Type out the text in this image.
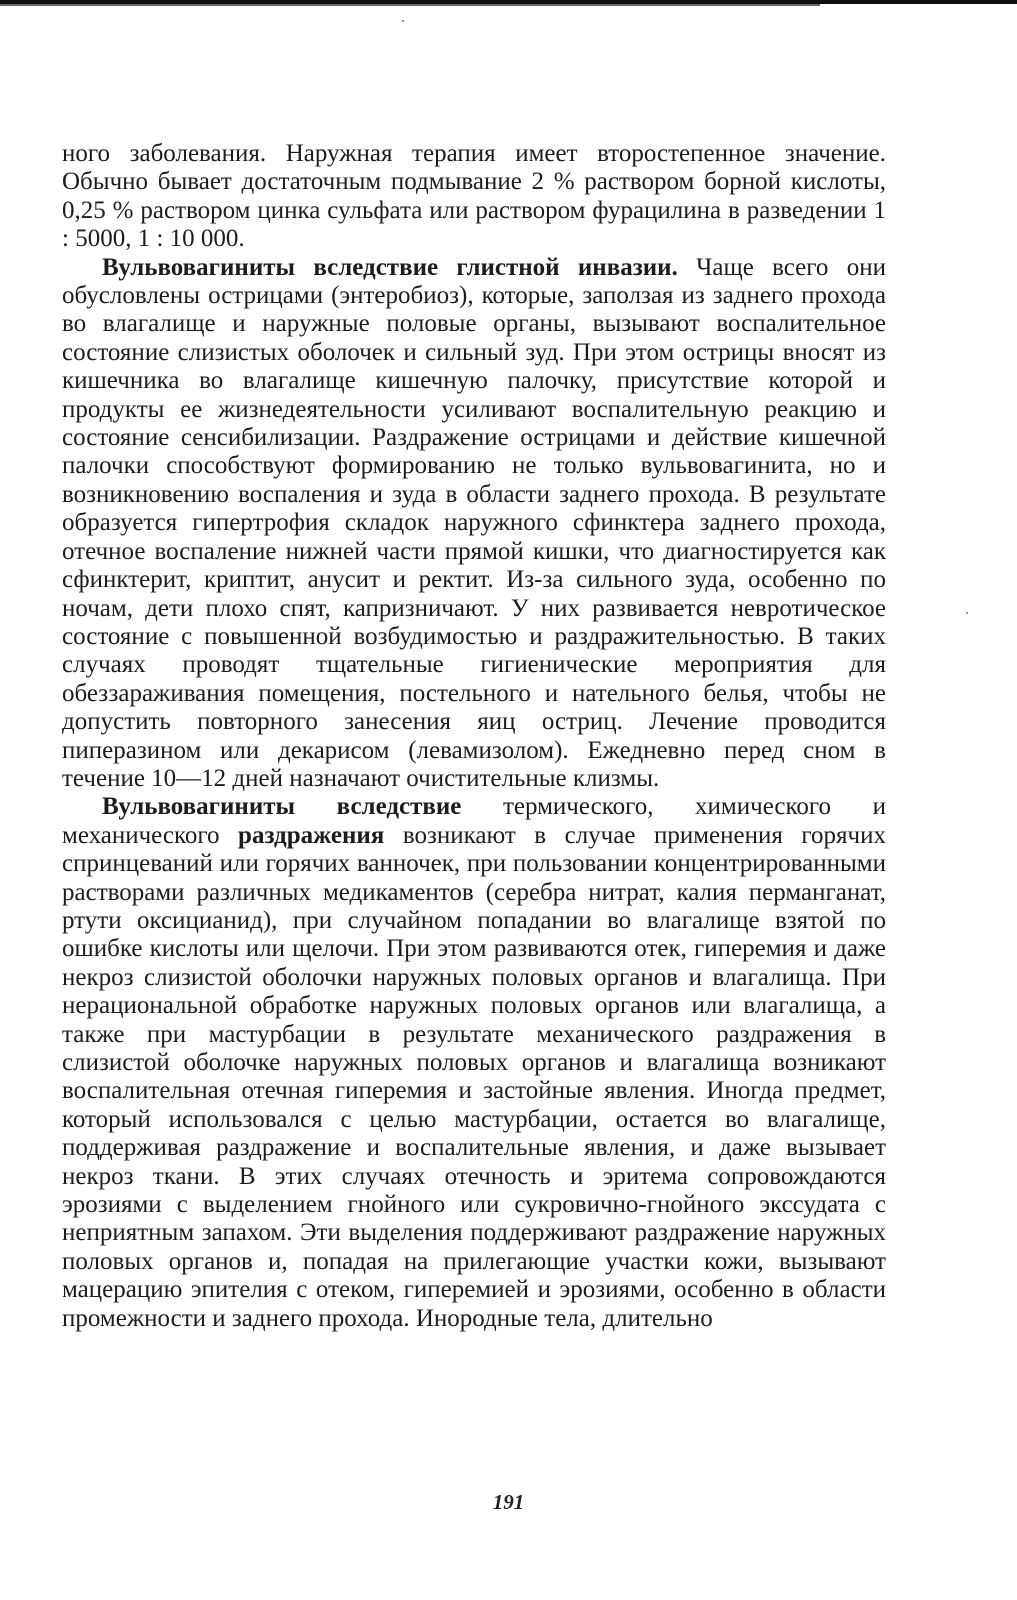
ного заболевания. Наружная терапия имеет второстепенное значение. Обычно бывает достаточным подмывание 2 % раствором борной кислоты, 0,25 % раствором цинка сульфата или раствором фурацилина в разведении 1 : 5000, 1 : 10 000.

Вульвовагиниты вследствие глистной инвазии. Чаще всего они обусловлены острицами (энтеробиоз), которые, заползая из заднего прохода во влагалище и наружные половые органы, вызывают воспалительное состояние слизистых оболочек и сильный зуд. При этом острицы вносят из кишечника во влагалище кишечную палочку, присутствие которой и продукты ее жизнедеятельности усиливают воспалительную реакцию и состояние сенсибилизации. Раздражение острицами и действие кишечной палочки способствуют формированию не только вульвовагинита, но и возникновению воспаления и зуда в области заднего прохода. В результате образуется гипертрофия складок наружного сфинктера заднего прохода, отечное воспаление нижней части прямой кишки, что диагностируется как сфинктерит, криптит, анусит и ректит. Из-за сильного зуда, особенно по ночам, дети плохо спят, капризничают. У них развивается невротическое состояние с повышенной возбудимостью и раздражительностью. В таких случаях проводят тщательные гигиенические мероприятия для обеззараживания помещения, постельного и нательного белья, чтобы не допустить повторного занесения яиц остриц. Лечение проводится пиперазином или декарисом (левамизолом). Ежедневно перед сном в течение 10—12 дней назначают очистительные клизмы.

Вульвовагиниты вследствие термического, химического и механического раздражения возникают в случае применения горячих спринцеваний или горячих ванночек, при пользовании концентрированными растворами различных медикаментов (серебра нитрат, калия перманганат, ртути оксицианид), при случайном попадании во влагалище взятой по ошибке кислоты или щелочи. При этом развиваются отек, гиперемия и даже некроз слизистой оболочки наружных половых органов и влагалища. При нерациональной обработке наружных половых органов или влагалища, а также при мастурбации в результате механического раздражения в слизистой оболочке наружных половых органов и влагалища возникают воспалительная отечная гиперемия и застойные явления. Иногда предмет, который использовался с целью мастурбации, остается во влагалище, поддерживая раздражение и воспалительные явления, и даже вызывает некроз ткани. В этих случаях отечность и эритема сопровождаются эрозиями с выделением гнойного или сукровично-гнойного экссудата с неприятным запахом. Эти выделения поддерживают раздражение наружных половых органов и, попадая на прилегающие участки кожи, вызывают мацерацию эпителия с отеком, гиперемией и эрозиями, особенно в области промежности и заднего прохода. Инородные тела, длительно

191
